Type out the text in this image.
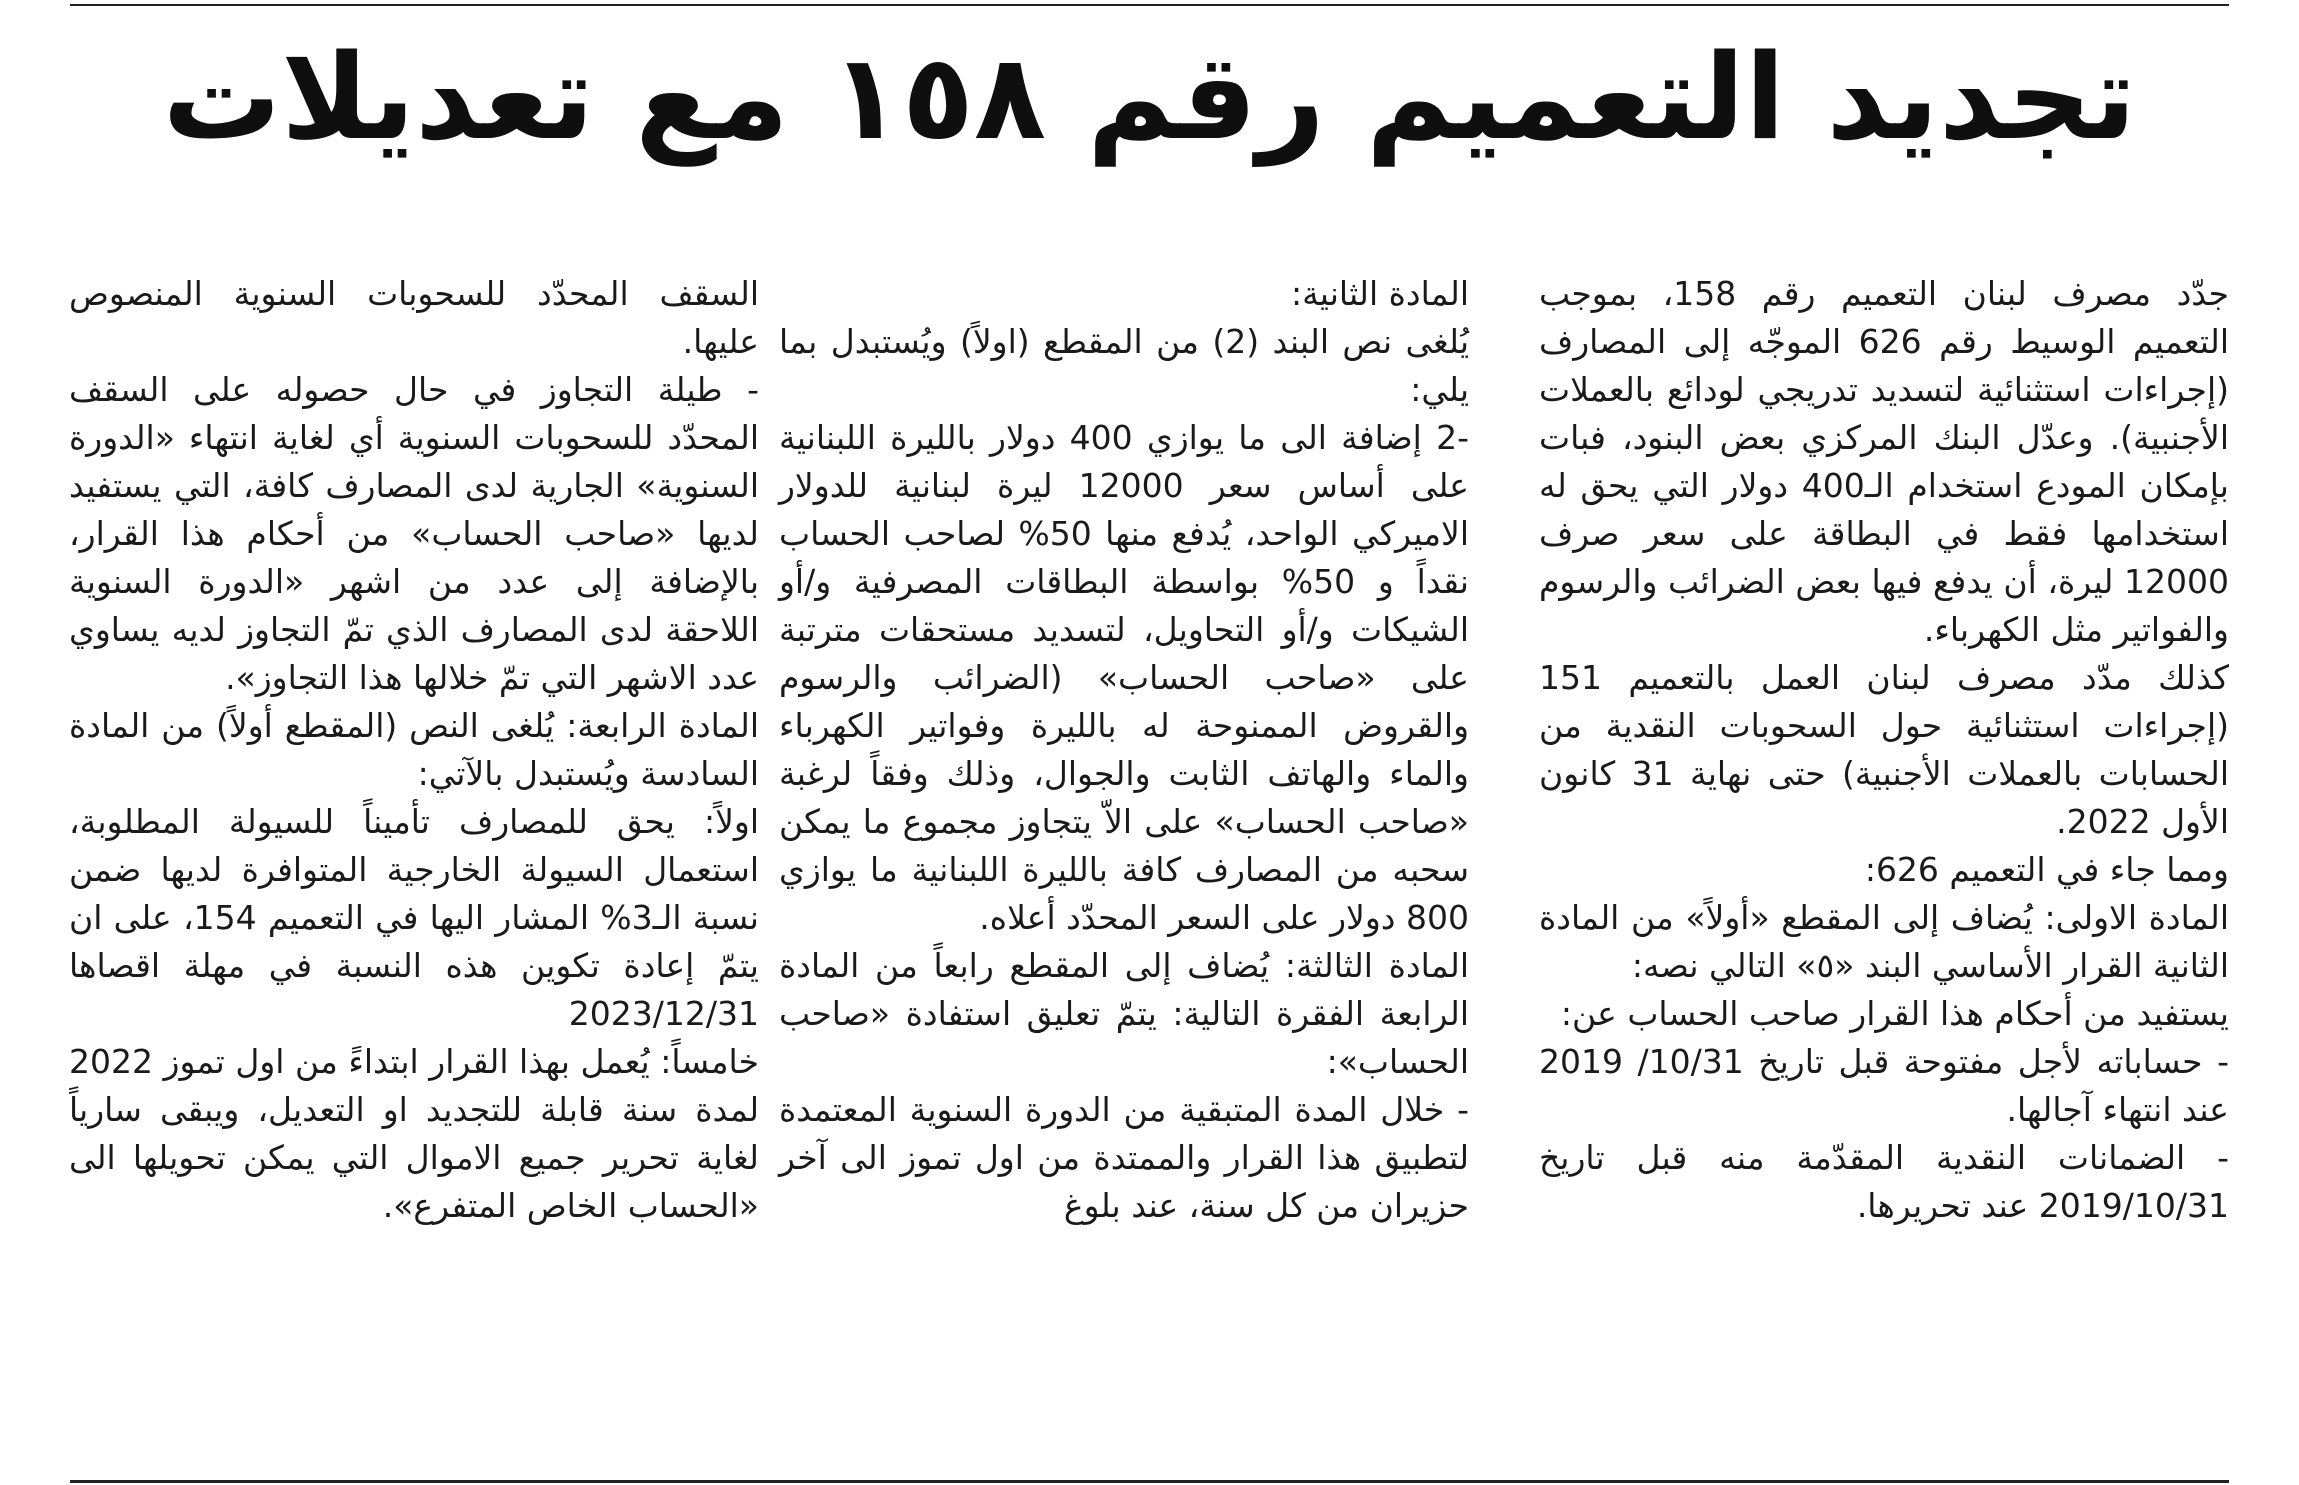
تجديد التعميم رقم ١٥٨ مع تعديلات

جدّد مصرف لبنان التعميم رقم 158، بموجب التعميم الوسيط رقم 626 الموجّه إلى المصارف (إجراءات استثنائية لتسديد تدريجي لودائع بالعملات الأجنبية). وعدّل البنك المركزي بعض البنود، فبات بإمكان المودع استخدام الـ400 دولار التي يحق له استخدامها فقط في البطاقة على سعر صرف 12000 ليرة، أن يدفع فيها بعض الضرائب والرسوم والفواتير مثل الكهرباء.

كذلك مدّد مصرف لبنان العمل بالتعميم 151 (إجراءات استثنائية حول السحوبات النقدية من الحسابات بالعملات الأجنبية) حتى نهاية 31 كانون الأول 2022.

ومما جاء في التعميم 626:

المادة الاولى: يُضاف إلى المقطع «أولاً» من المادة الثانية القرار الأساسي البند «٥» التالي نصه:

يستفيد من أحكام هذا القرار صاحب الحساب عن:

- حساباته لأجل مفتوحة قبل تاريخ 10/31/ 2019 عند انتهاء آجالها.

- الضمانات النقدية المقدّمة منه قبل تاريخ 2019/10/31 عند تحريرها.

المادة الثانية:

يُلغى نص البند (2) من المقطع (اولاً) ويُستبدل بما يلي:

-2 إضافة الى ما يوازي 400 دولار بالليرة اللبنانية على أساس سعر 12000 ليرة لبنانية للدولار الاميركي الواحد، يُدفع منها 50% لصاحب الحساب نقداً و 50% بواسطة البطاقات المصرفية و/أو الشيكات و/أو التحاويل، لتسديد مستحقات مترتبة على «صاحب الحساب» (الضرائب والرسوم والقروض الممنوحة له بالليرة وفواتير الكهرباء والماء والهاتف الثابت والجوال، وذلك وفقاً لرغبة «صاحب الحساب» على الاّ يتجاوز مجموع ما يمكن سحبه من المصارف كافة بالليرة اللبنانية ما يوازي 800 دولار على السعر المحدّد أعلاه.

المادة الثالثة: يُضاف إلى المقطع رابعاً من المادة الرابعة الفقرة التالية: يتمّ تعليق استفادة «صاحب الحساب»:

- خلال المدة المتبقية من الدورة السنوية المعتمدة لتطبيق هذا القرار والممتدة من اول تموز الى آخر حزيران من كل سنة، عند بلوغ

السقف المحدّد للسحوبات السنوية المنصوص عليها.

- طيلة التجاوز في حال حصوله على السقف المحدّد للسحوبات السنوية أي لغاية انتهاء «الدورة السنوية» الجارية لدى المصارف كافة، التي يستفيد لديها «صاحب الحساب» من أحكام هذا القرار، بالإضافة إلى عدد من اشهر «الدورة السنوية اللاحقة لدى المصارف الذي تمّ التجاوز لديه يساوي عدد الاشهر التي تمّ خلالها هذا التجاوز».

المادة الرابعة: يُلغى النص (المقطع أولاً) من المادة السادسة ويُستبدل بالآتي:

اولاً: يحق للمصارف تأميناً للسيولة المطلوبة، استعمال السيولة الخارجية المتوافرة لديها ضمن نسبة الـ3% المشار اليها في التعميم 154، على ان يتمّ إعادة تكوين هذه النسبة في مهلة اقصاها 2023/12/31

خامساً: يُعمل بهذا القرار ابتداءً من اول تموز 2022 لمدة سنة قابلة للتجديد او التعديل، ويبقى سارياً لغاية تحرير جميع الاموال التي يمكن تحويلها الى «الحساب الخاص المتفرع».
